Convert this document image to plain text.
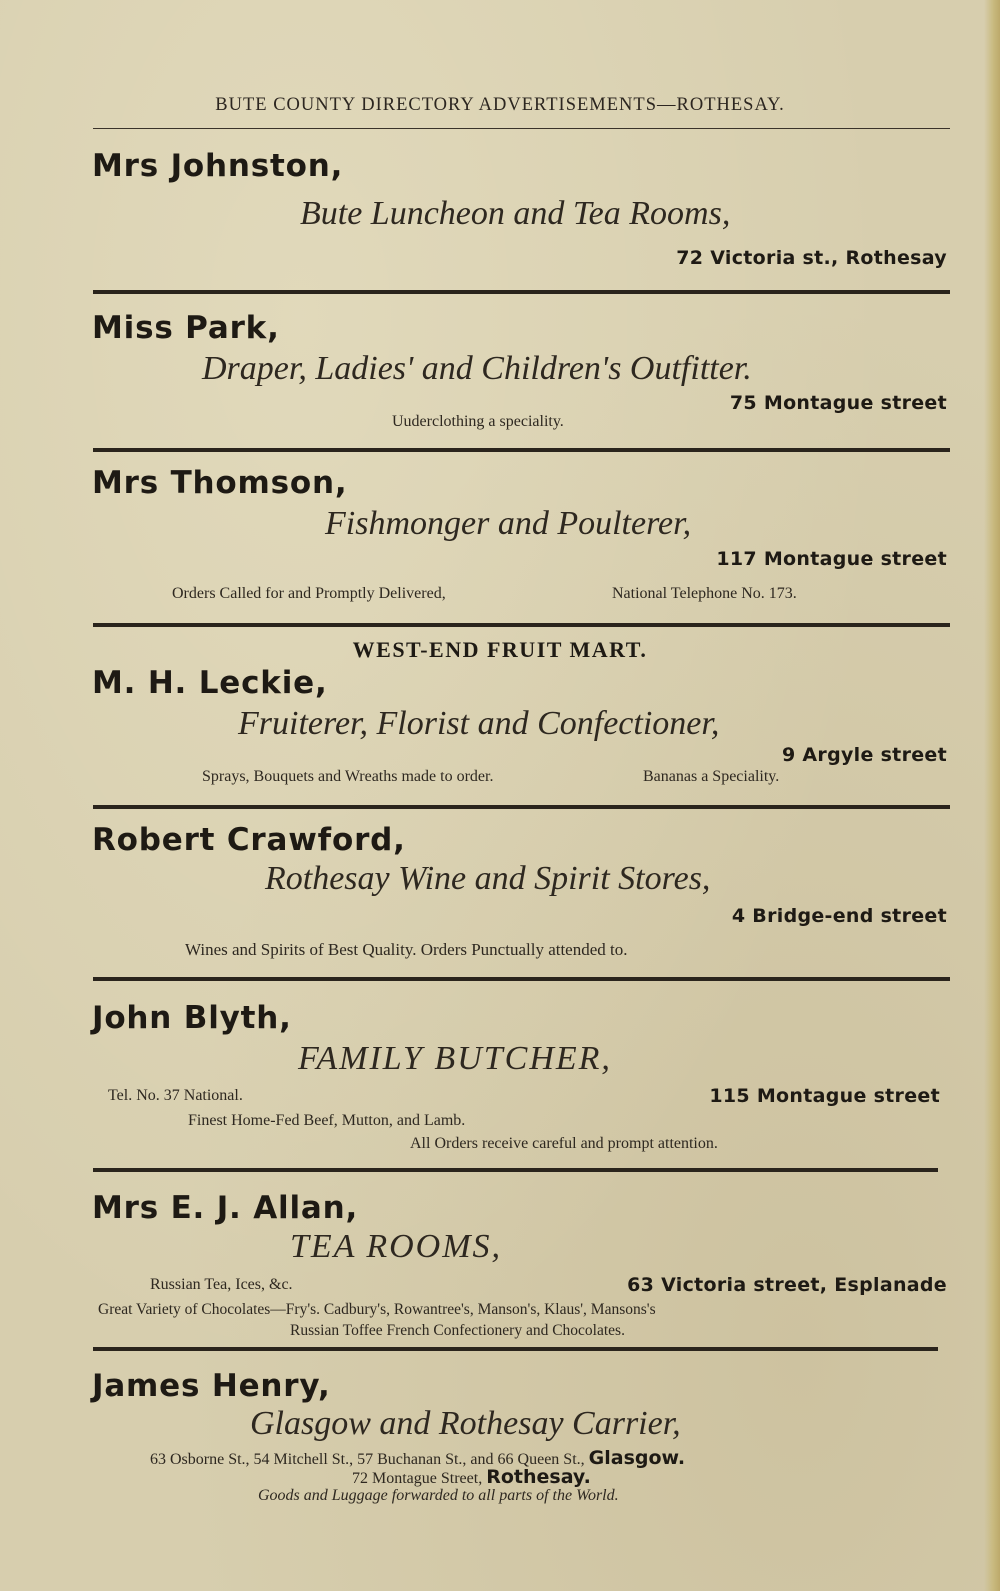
BUTE COUNTY DIRECTORY ADVERTISEMENTS—ROTHESAY.
Mrs Johnston,
Bute Luncheon and Tea Rooms,
72 Victoria st., Rothesay
Miss Park,
Draper, Ladies' and Children's Outfitter.
75 Montague street
Uuderclothing a speciality.
Mrs Thomson,
Fishmonger and Poulterer,
117 Montague street
Orders Called for and Promptly Delivered,	National Telephone No. 173.
WEST-END FRUIT MART.
M. H. Leckie,
Fruiterer, Florist and Confectioner,
9 Argyle street
Sprays, Bouquets and Wreaths made to order.	Bananas a Speciality.
Robert Crawford,
Rothesay Wine and Spirit Stores,
4 Bridge-end street
Wines and Spirits of Best Quality. Orders Punctually attended to.
John Blyth,
FAMILY BUTCHER,
Tel. No. 37 National.	115 Montague street
Finest Home-Fed Beef, Mutton, and Lamb.
All Orders receive careful and prompt attention.
Mrs E. J. Allan,
TEA ROOMS,
Russian Tea, Ices, &c.	63 Victoria street, Esplanade
Great Variety of Chocolates—Fry's. Cadbury's, Rowantree's, Manson's, Klaus', Mansons's
Russian Toffee French Confectionery and Chocolates.
James Henry,
Glasgow and Rothesay Carrier,
63 Osborne St., 54 Mitchell St., 57 Buchanan St., and 66 Queen St., Glasgow.
72 Montague Street, Rothesay.
Goods and Luggage forwarded to all parts of the World.
